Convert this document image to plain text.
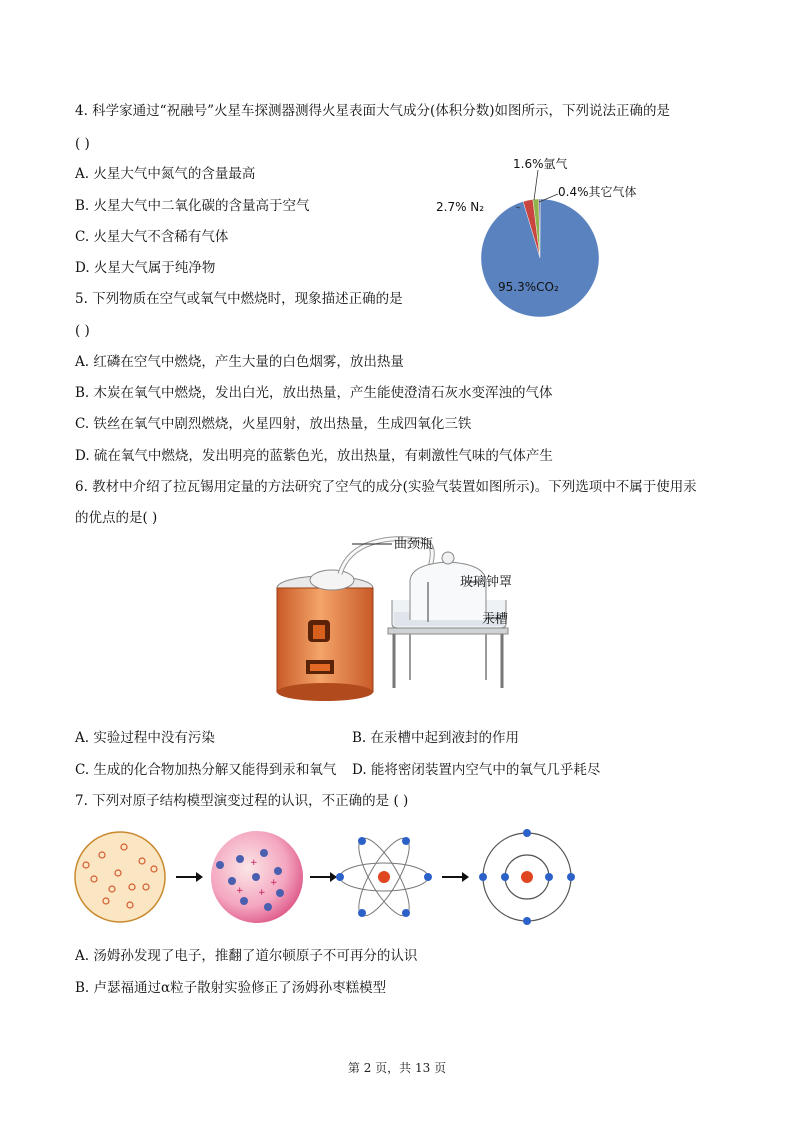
4. 科学家通过“祝融号”火星车探测器测得火星表面大气成分(体积分数)如图所示，下列说法正确的是
( )
A. 火星大气中氮气的含量最高
B. 火星大气中二氧化碳的含量高于空气
C. 火星大气不含稀有气体
D. 火星大气属于纯净物
95.3%CO₂
2.7% N₂
1.6%氩气
0.4%其它气体
5. 下列物质在空气或氧气中燃烧时，现象描述正确的是
( )
A. 红磷在空气中燃烧，产生大量的白色烟雾，放出热量
B. 木炭在氧气中燃烧，发出白光，放出热量，产生能使澄清石灰水变浑浊的气体
C. 铁丝在氧气中剧烈燃烧，火星四射，放出热量，生成四氧化三铁
D. 硫在氧气中燃烧，发出明亮的蓝紫色光，放出热量，有刺激性气味的气体产生
6. 教材中介绍了拉瓦锡用定量的方法研究了空气的成分(实验气装置如图所示)。下列选项中不属于使用汞
的优点的是( )
曲颈瓶
玻璃钟罩
汞槽
A. 实验过程中没有污染	B. 在汞槽中起到液封的作用
C. 生成的化合物加热分解又能得到汞和氧气 D. 能将密闭装置内空气中的氧气几乎耗尽
7. 下列对原子结构模型演变过程的认识，不正确的是 ( )
+
+
+ +
A. 汤姆孙发现了电子，推翻了道尔顿原子不可再分的认识
B. 卢瑟福通过α粒子散射实验修正了汤姆孙枣糕模型
第 2 页，共 13 页
